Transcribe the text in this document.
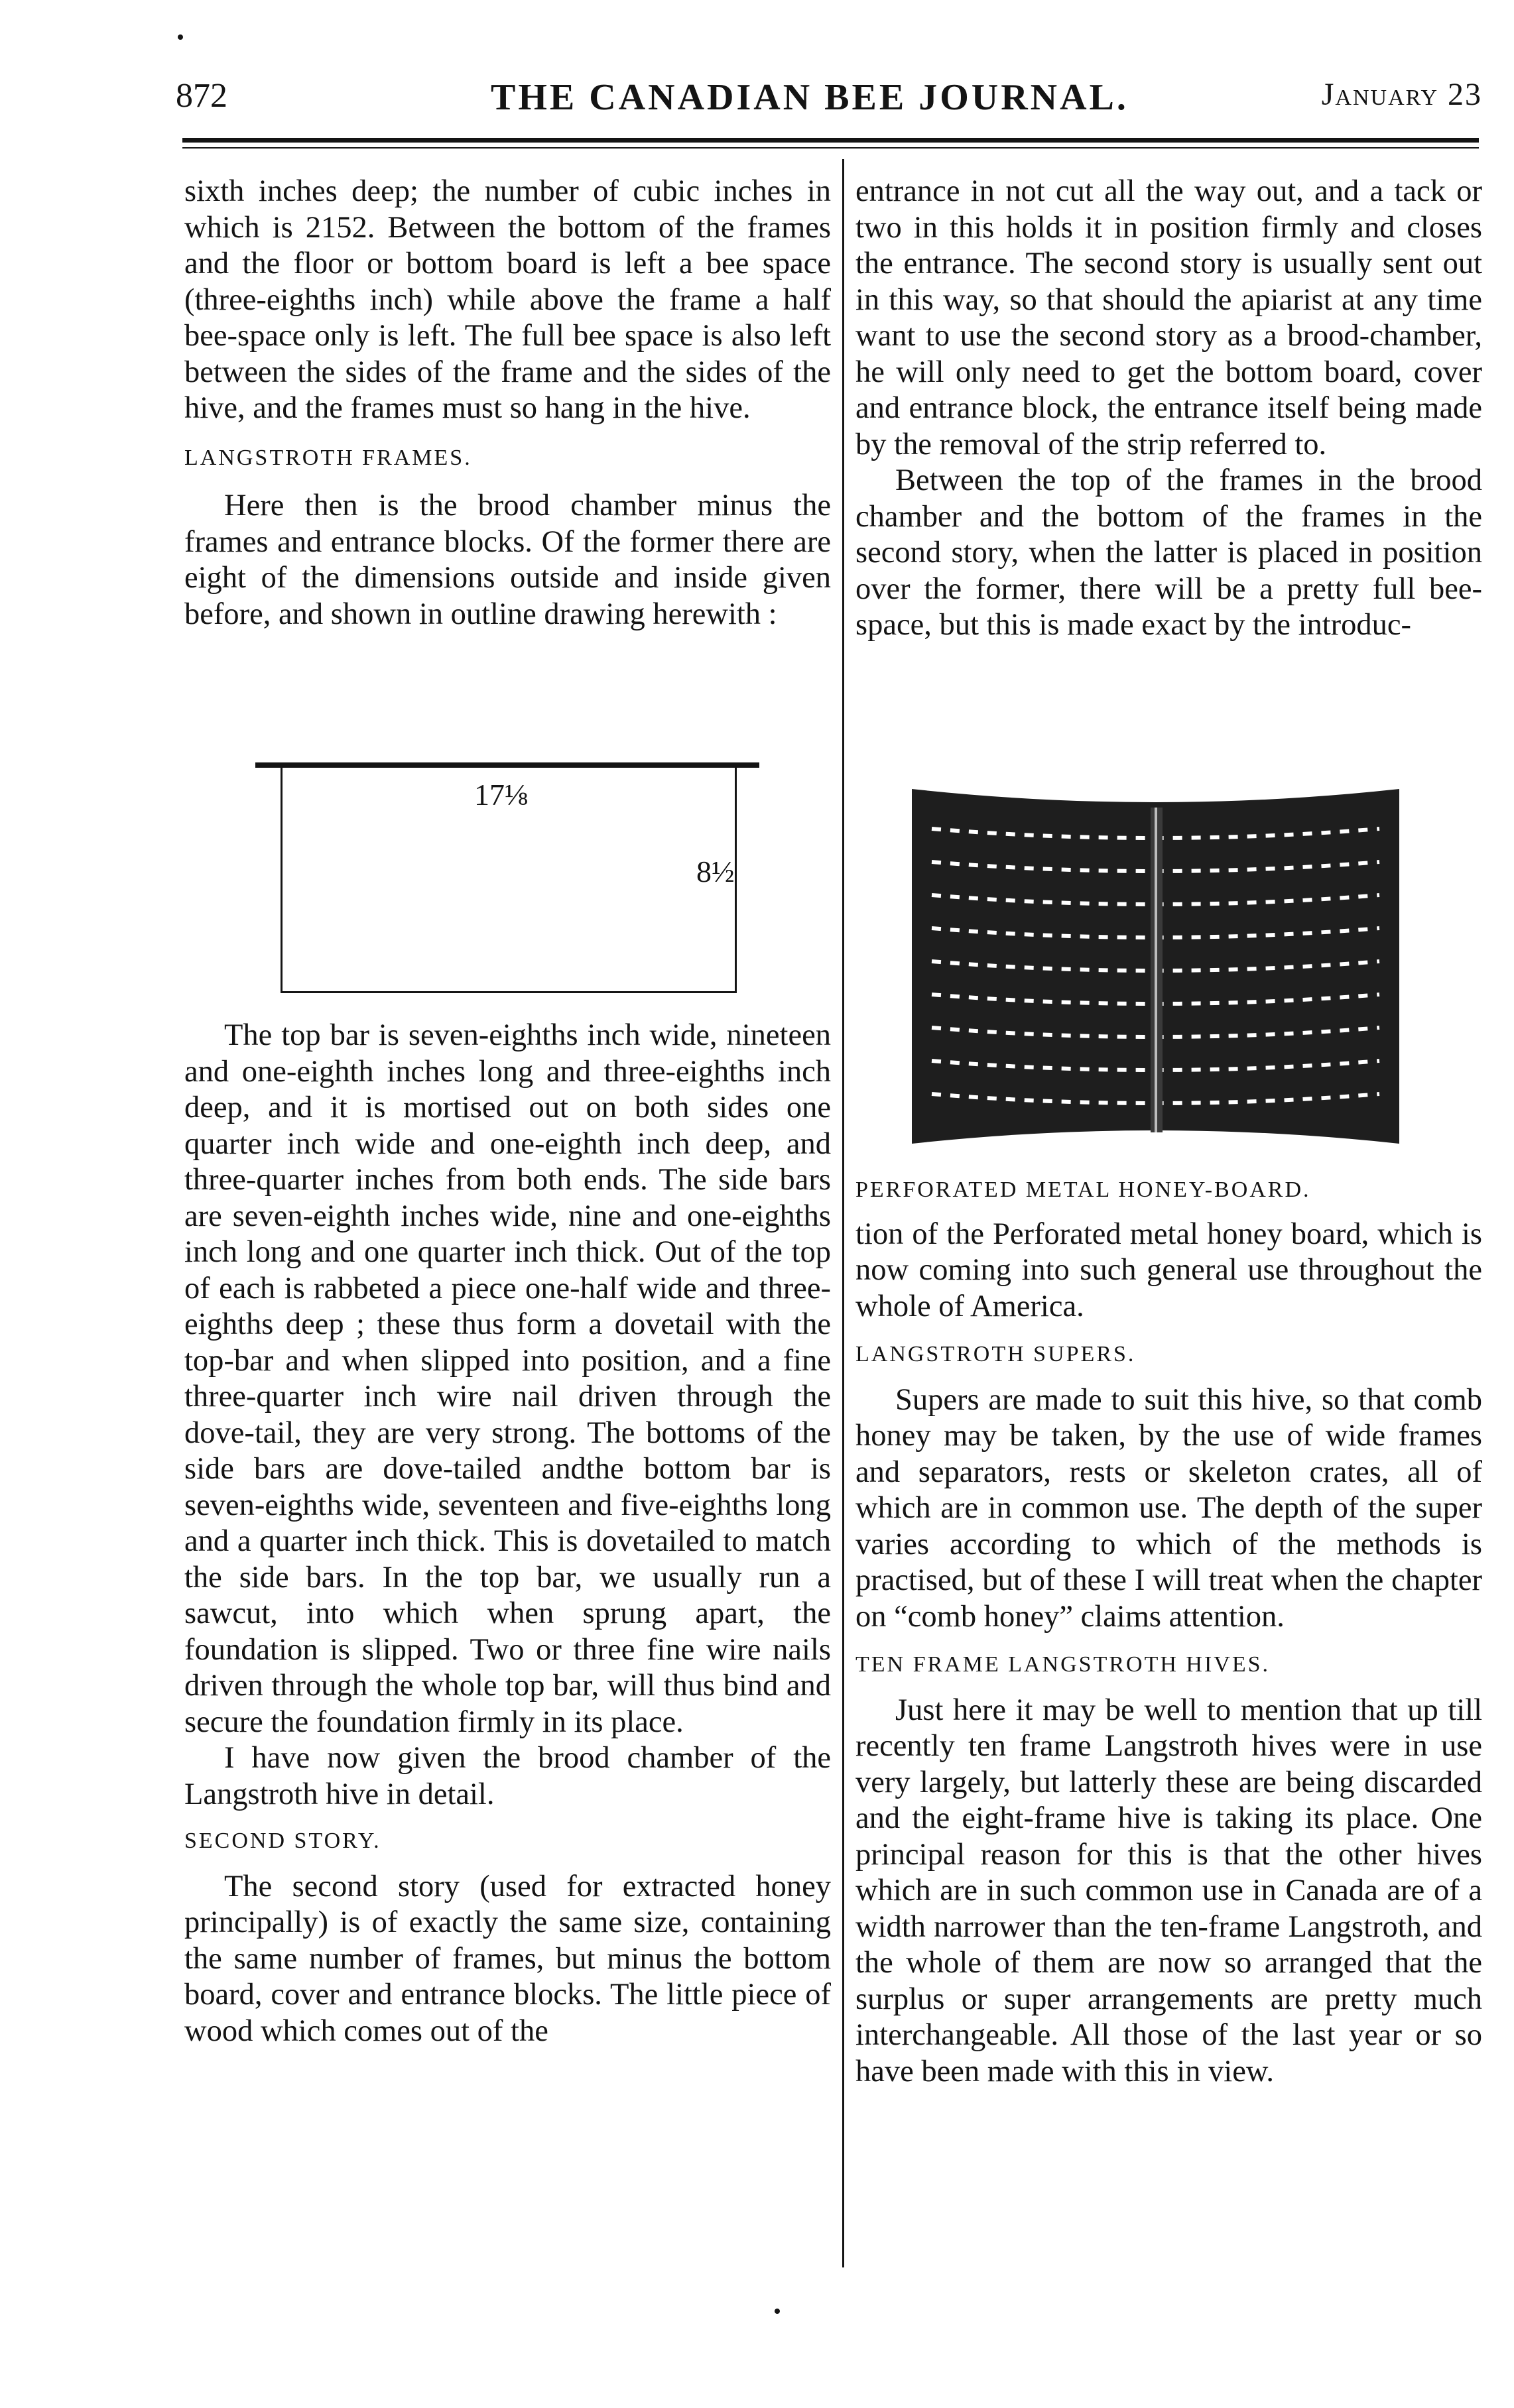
872	THE CANADIAN BEE JOURNAL.	January 23

sixth inches deep; the number of cubic inches in which is 2152. Between the bottom of the frames and the floor or bottom board is left a bee space (three-eighths inch) while above the frame a half bee-space only is left. The full bee space is also left between the sides of the frame and the sides of the hive, and the frames must so hang in the hive.

LANGSTROTH FRAMES.

Here then is the brood chamber minus the frames and entrance blocks. Of the former there are eight of the dimensions outside and inside given before, and shown in outline drawing herewith :

17⅛
8½

The top bar is seven-eighths inch wide, nineteen and one-eighth inches long and three-eighths inch deep, and it is mortised out on both sides one quarter inch wide and one-eighth inch deep, and three-quarter inches from both ends. The side bars are seven-eighth inches wide, nine and one-eighths inch long and one quarter inch thick. Out of the top of each is rabbeted a piece one-half wide and three-eighths deep ; these thus form a dovetail with the top-bar and when slipped into position, and a fine three-quarter inch wire nail driven through the dove-tail, they are very strong. The bottoms of the side bars are dove-tailed andthe bottom bar is seven-eighths wide, seventeen and five-eighths long and a quarter inch thick. This is dovetailed to match the side bars. In the top bar, we usually run a sawcut, into which when sprung apart, the foundation is slipped. Two or three fine wire nails driven through the whole top bar, will thus bind and secure the foundation firmly in its place.

I have now given the brood chamber of the Langstroth hive in detail.

SECOND STORY.

The second story (used for extracted honey principally) is of exactly the same size, containing the same number of frames, but minus the bottom board, cover and entrance blocks. The little piece of wood which comes out of the

entrance in not cut all the way out, and a tack or two in this holds it in position firmly and closes the entrance. The second story is usually sent out in this way, so that should the apiarist at any time want to use the second story as a brood-chamber, he will only need to get the bottom board, cover and entrance block, the entrance itself being made by the removal of the strip referred to.

Between the top of the frames in the brood chamber and the bottom of the frames in the second story, when the latter is placed in position over the former, there will be a pretty full bee-space, but this is made exact by the introduc-

PERFORATED METAL HONEY-BOARD.

tion of the Perforated metal honey board, which is now coming into such general use throughout the whole of America.

LANGSTROTH SUPERS.

Supers are made to suit this hive, so that comb honey may be taken, by the use of wide frames and separators, rests or skeleton crates, all of which are in common use. The depth of the super varies according to which of the methods is practised, but of these I will treat when the chapter on “comb honey” claims attention.

TEN FRAME LANGSTROTH HIVES.

Just here it may be well to mention that up till recently ten frame Langstroth hives were in use very largely, but latterly these are being discarded and the eight-frame hive is taking its place. One principal reason for this is that the other hives which are in such common use in Canada are of a width narrower than the ten-frame Langstroth, and the whole of them are now so arranged that the surplus or super arrangements are pretty much interchangeable. All those of the last year or so have been made with this in view.
